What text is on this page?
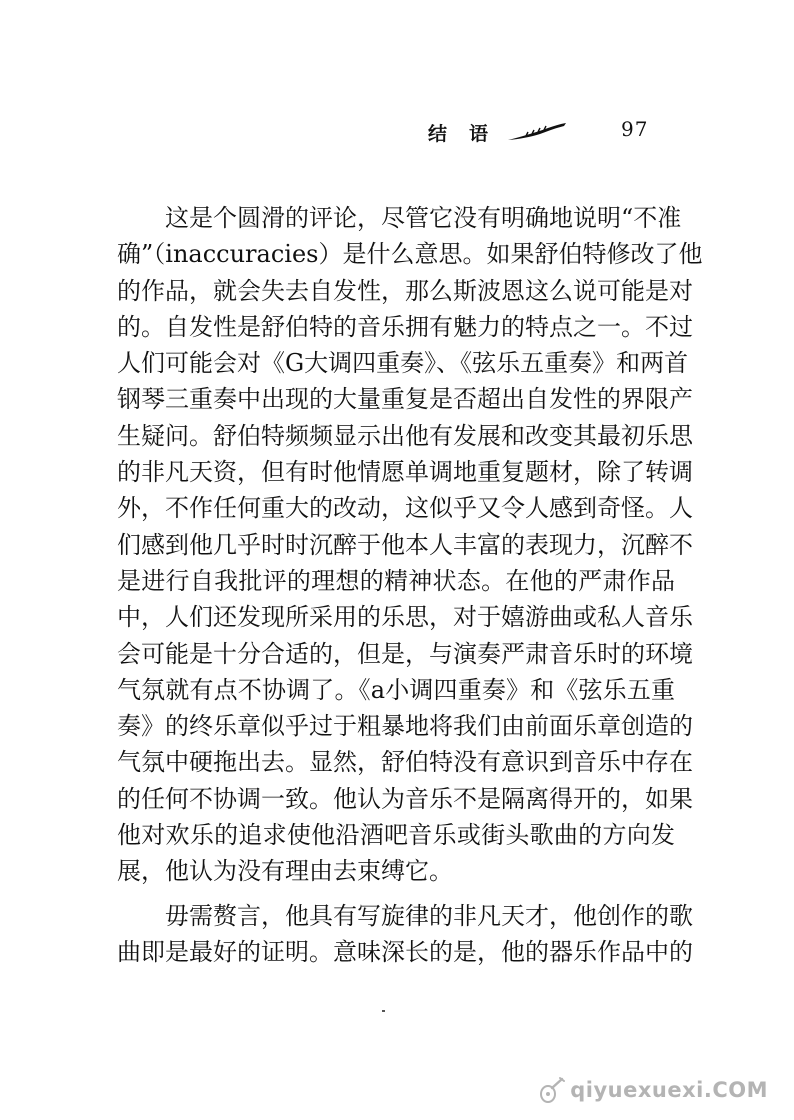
结 语	97
　　这是个圆滑的评论，尽管它没有明确地说明“不准
确”（inaccuracies）是什么意思。如果舒伯特修改了他
的作品，就会失去自发性，那么斯波恩这么说可能是对
的。自发性是舒伯特的音乐拥有魅力的特点之一。不过
人们可能会对《G大调四重奏》、《弦乐五重奏》和两首
钢琴三重奏中出现的大量重复是否超出自发性的界限产
生疑问。舒伯特频频显示出他有发展和改变其最初乐思
的非凡天资，但有时他情愿单调地重复题材，除了转调
外，不作任何重大的改动，这似乎又令人感到奇怪。人
们感到他几乎时时沉醉于他本人丰富的表现力，沉醉不
是进行自我批评的理想的精神状态。在他的严肃作品
中，人们还发现所采用的乐思，对于嬉游曲或私人音乐
会可能是十分合适的，但是，与演奏严肃音乐时的环境
气氛就有点不协调了。《a小调四重奏》和《弦乐五重
奏》的终乐章似乎过于粗暴地将我们由前面乐章创造的
气氛中硬拖出去。显然，舒伯特没有意识到音乐中存在
的任何不协调一致。他认为音乐不是隔离得开的，如果
他对欢乐的追求使他沿酒吧音乐或街头歌曲的方向发
展，他认为没有理由去束缚它。
　　毋需赘言，他具有写旋律的非凡天才，他创作的歌
曲即是最好的证明。意味深长的是，他的器乐作品中的
qiyuexuexi.COM
